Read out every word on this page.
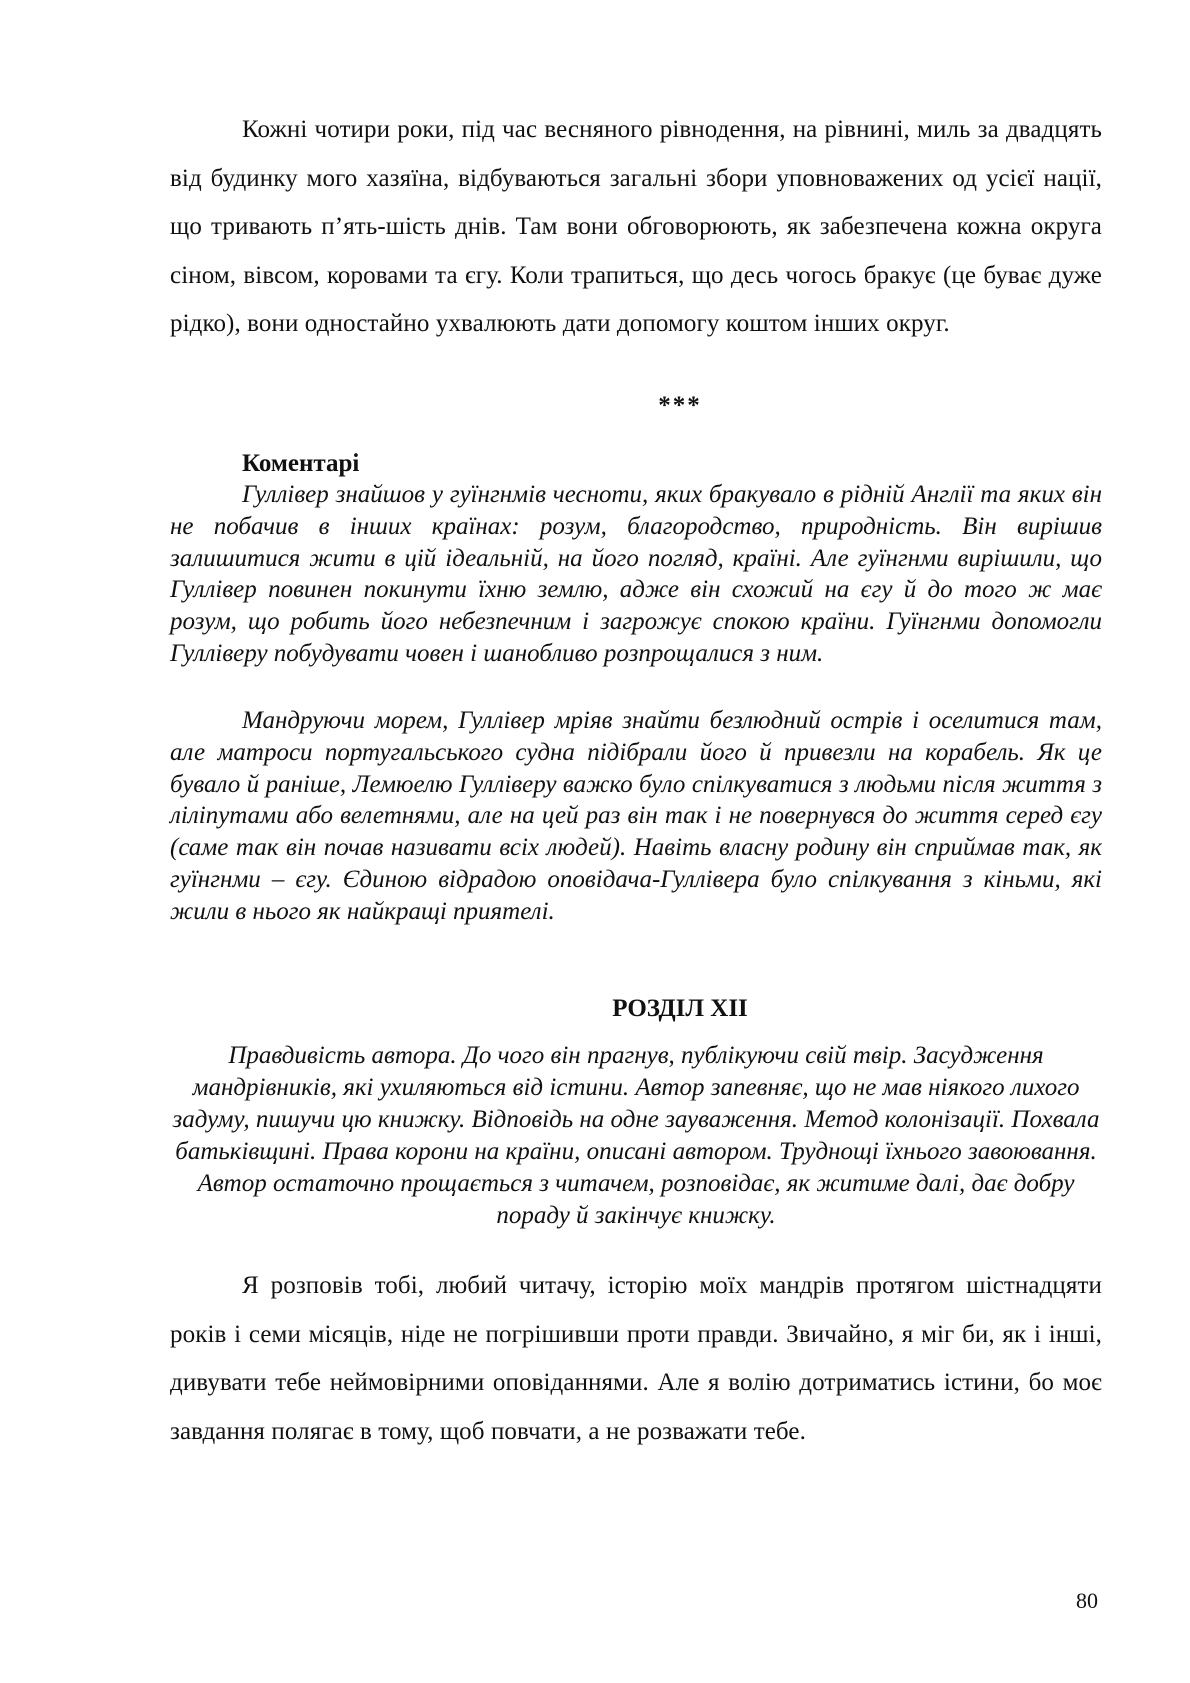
Кожні чотири роки, під час весняного рівнодення, на рівнині, миль за двадцять від будинку мого хазяїна, відбуваються загальні збори уповноважених од усієї нації, що тривають п’ять-шість днів. Там вони обговорюють, як забезпечена кожна округа сіном, вівсом, коровами та єгу. Коли трапиться, що десь чогось бракує (це буває дуже рідко), вони одностайно ухвалюють дати допомогу коштом інших округ.

***
Коментарі

Гуллівер знайшов у гуїнгнмів чесноти, яких бракувало в рідній Англії та яких він не побачив в інших країнах: розум, благородство, природність. Він вирішив залишитися жити в цій ідеальній, на його погляд, країні. Але гуїнгнми вирішили, що Гуллівер повинен покинути їхню землю, адже він схожий на єгу й до того ж має розум, що робить його небезпечним і загрожує спокою країни. Гуїнгнми допомогли Гулліверу побудувати човен і шанобливо розпрощалися з ним.

Мандруючи морем, Гуллівер мріяв знайти безлюдний острів і оселитися там, але матроси португальського судна підібрали його й привезли на корабель. Як це бувало й раніше, Лемюелю Гулліверу важко було спілкуватися з людьми після життя з ліліпутами або велетнями, але на цей раз він так і не повернувся до життя серед єгу (саме так він почав називати всіх людей). Навіть власну родину він сприймав так, як гуїнгнми – єгу. Єдиною відрадою оповідача-Гуллівера було спілкування з кіньми, які жили в нього як найкращі приятелі.

РОЗДІЛ XII

Правдивість автора. До чого він прагнув, публікуючи свій твір. Засудження мандрівників, які ухиляються від істини. Автор запевняє, що не мав ніякого лихого задуму, пишучи цю книжку. Відповідь на одне зауваження. Метод колонізації. Похвала батьківщині. Права корони на країни, описані автором. Труднощі їхнього завоювання. Автор остаточно прощається з читачем, розповідає, як житиме далі, дає добру пораду й закінчує книжку.

Я розповів тобі, любий читачу, історію моїх мандрів протягом шістнадцяти років і семи місяців, ніде не погрішивши проти правди. Звичайно, я міг би, як і інші, дивувати тебе неймовірними оповіданнями. Але я волію дотриматись істини, бо моє завдання полягає в тому, щоб повчати, а не розважати тебе.

80
